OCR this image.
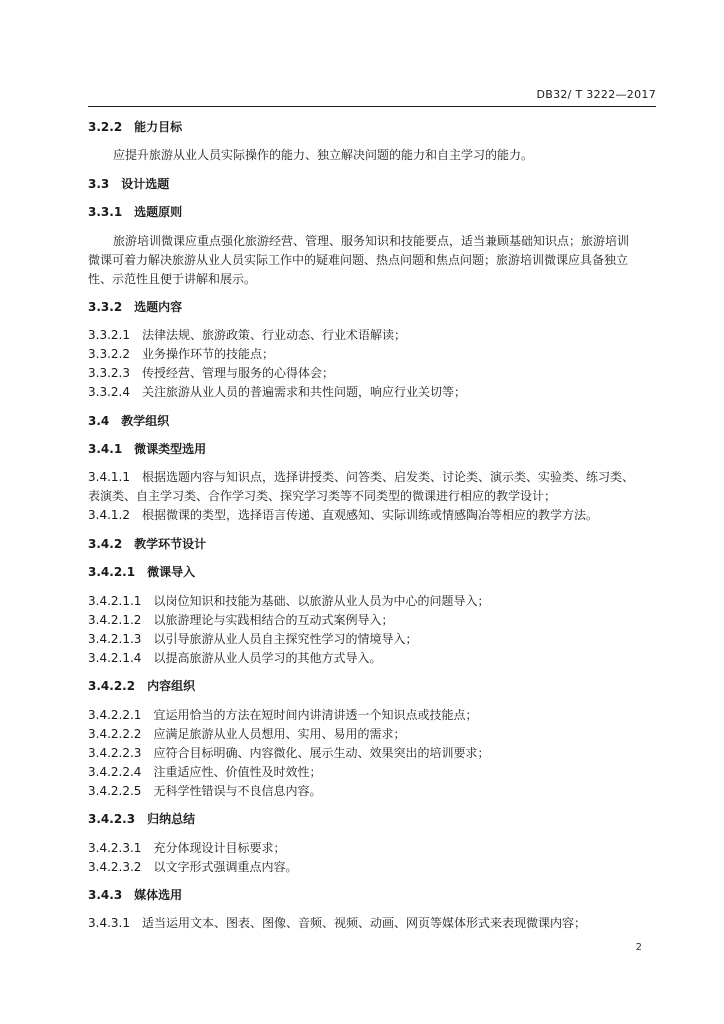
DB32/ T 3222—2017
3.2.2 能力目标
应提升旅游从业人员实际操作的能力、独立解决问题的能力和自主学习的能力。
3.3 设计选题
3.3.1 选题原则
旅游培训微课应重点强化旅游经营、管理、服务知识和技能要点，适当兼顾基础知识点；旅游培训
微课可着力解决旅游从业人员实际工作中的疑难问题、热点问题和焦点问题；旅游培训微课应具备独立
性、示范性且便于讲解和展示。
3.3.2 选题内容
3.3.2.1 法律法规、旅游政策、行业动态、行业术语解读；
3.3.2.2 业务操作环节的技能点；
3.3.2.3 传授经营、管理与服务的心得体会；
3.3.2.4 关注旅游从业人员的普遍需求和共性问题，响应行业关切等；
3.4 教学组织
3.4.1 微课类型选用
3.4.1.1 根据选题内容与知识点，选择讲授类、问答类、启发类、讨论类、演示类、实验类、练习类、
表演类、自主学习类、合作学习类、探究学习类等不同类型的微课进行相应的教学设计；
3.4.1.2 根据微课的类型，选择语言传递、直观感知、实际训练或情感陶冶等相应的教学方法。
3.4.2 教学环节设计
3.4.2.1 微课导入
3.4.2.1.1 以岗位知识和技能为基础、以旅游从业人员为中心的问题导入；
3.4.2.1.2 以旅游理论与实践相结合的互动式案例导入；
3.4.2.1.3 以引导旅游从业人员自主探究性学习的情境导入；
3.4.2.1.4 以提高旅游从业人员学习的其他方式导入。
3.4.2.2 内容组织
3.4.2.2.1 宜运用恰当的方法在短时间内讲清讲透一个知识点或技能点；
3.4.2.2.2 应满足旅游从业人员想用、实用、易用的需求；
3.4.2.2.3 应符合目标明确、内容微化、展示生动、效果突出的培训要求；
3.4.2.2.4 注重适应性、价值性及时效性；
3.4.2.2.5 无科学性错误与不良信息内容。
3.4.2.3 归纳总结
3.4.2.3.1 充分体现设计目标要求；
3.4.2.3.2 以文字形式强调重点内容。
3.4.3 媒体选用
3.4.3.1 适当运用文本、图表、图像、音频、视频、动画、网页等媒体形式来表现微课内容；
2
